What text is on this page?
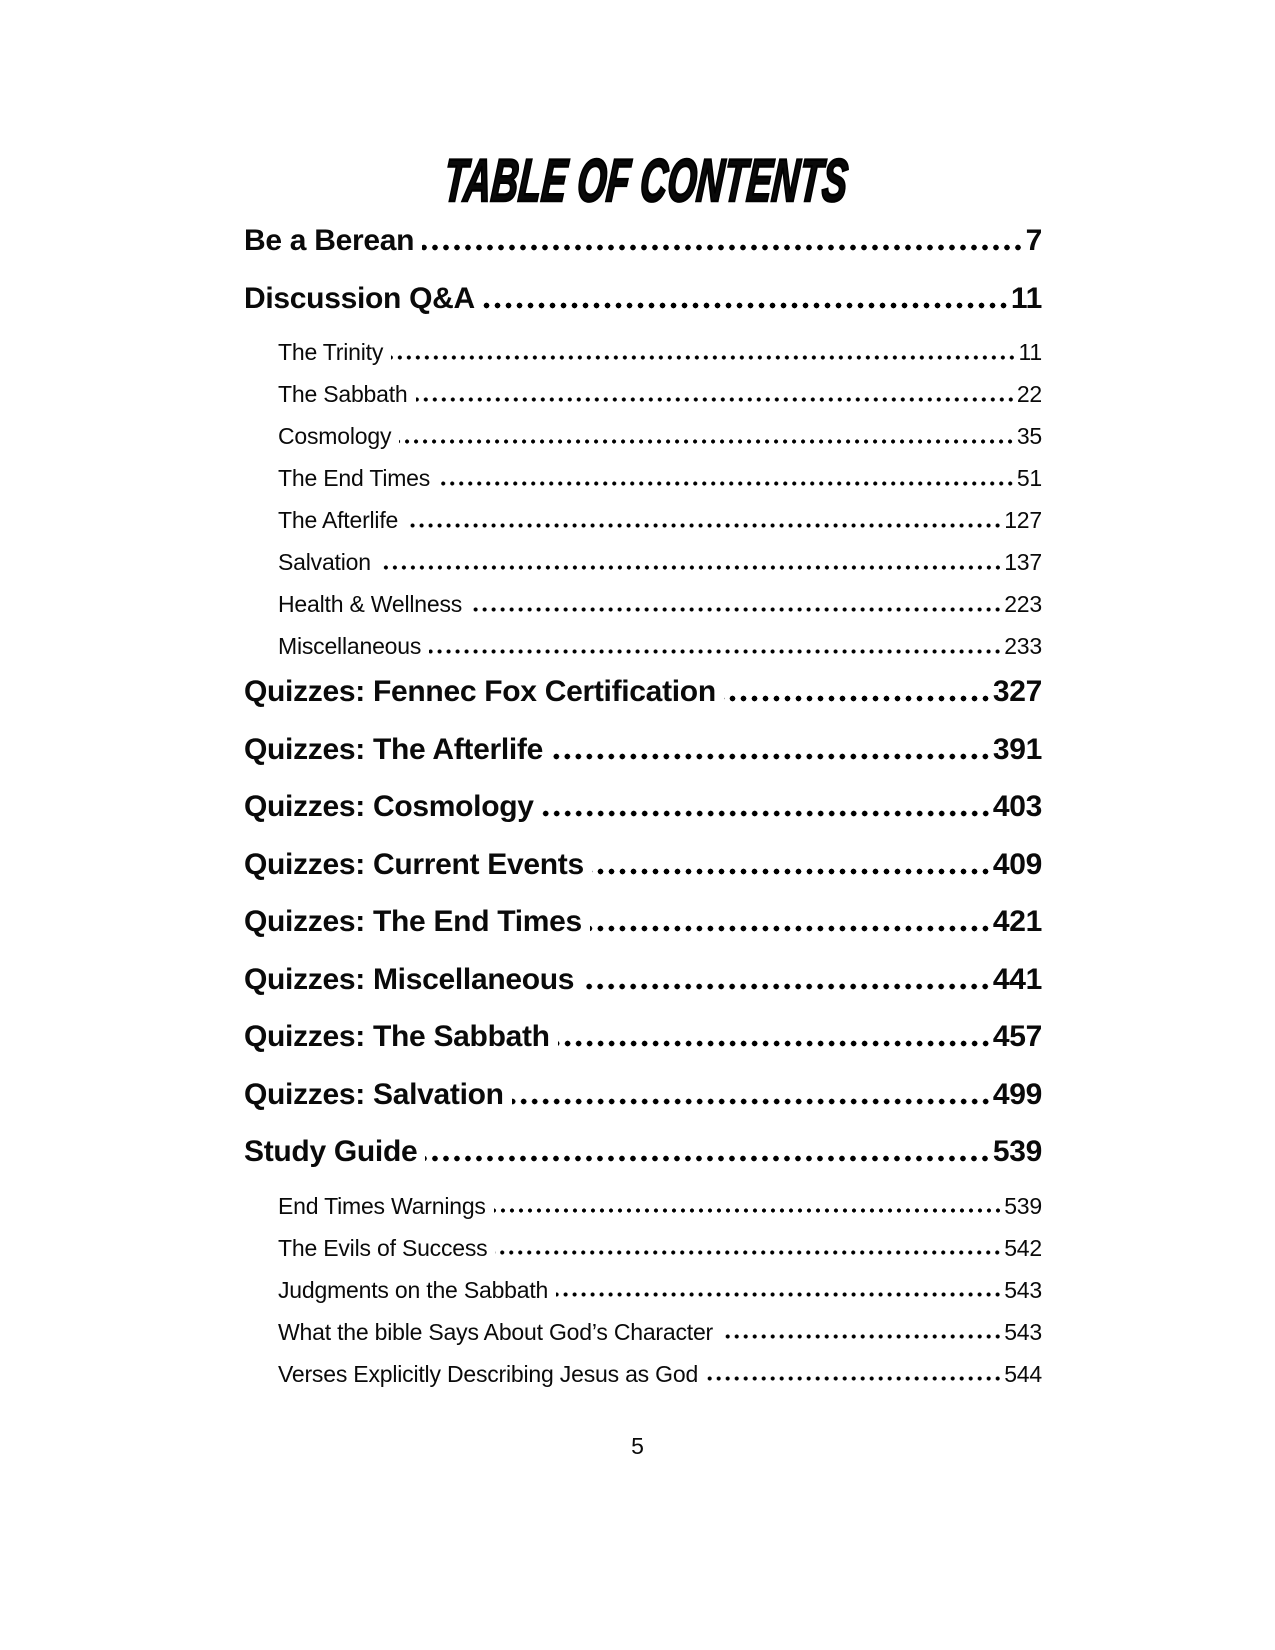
TABLE OF CONTENTS
Be a Berean	7
Discussion Q&A	11
The Trinity	11
The Sabbath	22
Cosmology	35
The End Times	51
The Afterlife	127
Salvation	137
Health & Wellness	223
Miscellaneous	233
Quizzes: Fennec Fox Certification	327
Quizzes: The Afterlife	391
Quizzes: Cosmology	403
Quizzes: Current Events	409
Quizzes: The End Times	421
Quizzes: Miscellaneous	441
Quizzes: The Sabbath	457
Quizzes: Salvation	499
Study Guide	539
End Times Warnings	539
The Evils of Success	542
Judgments on the Sabbath	543
What the bible Says About God’s Character	543
Verses Explicitly Describing Jesus as God	544
5
